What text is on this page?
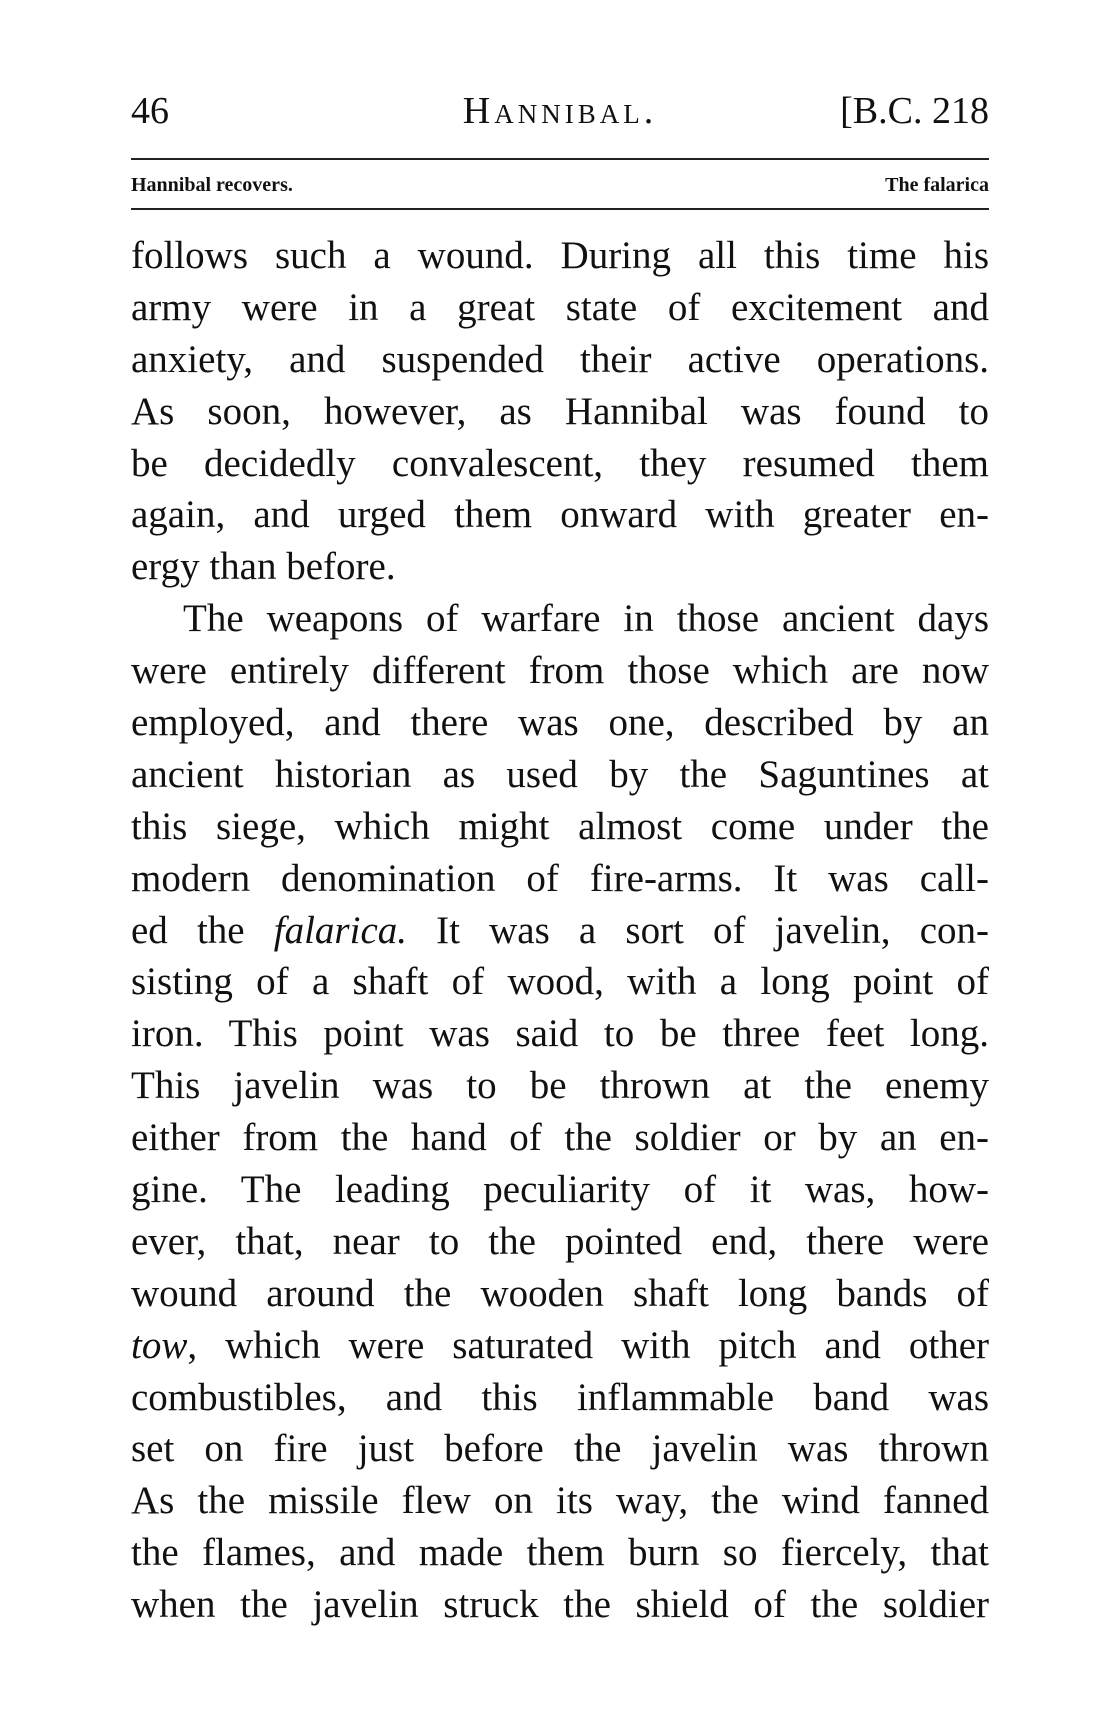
46	Hannibal.	[B.C. 218
Hannibal recovers.	The falarica
follows such a wound. During all this time his
army were in a great state of excitement and
anxiety, and suspended their active operations.
As soon, however, as Hannibal was found to
be decidedly convalescent, they resumed them
again, and urged them onward with greater en-
ergy than before.
The weapons of warfare in those ancient days
were entirely different from those which are now
employed, and there was one, described by an
ancient historian as used by the Saguntines at
this siege, which might almost come under the
modern denomination of fire-arms. It was call-
ed the falarica. It was a sort of javelin, con-
sisting of a shaft of wood, with a long point of
iron. This point was said to be three feet long.
This javelin was to be thrown at the enemy
either from the hand of the soldier or by an en-
gine. The leading peculiarity of it was, how-
ever, that, near to the pointed end, there were
wound around the wooden shaft long bands of
tow, which were saturated with pitch and other
combustibles, and this inflammable band was
set on fire just before the javelin was thrown
As the missile flew on its way, the wind fanned
the flames, and made them burn so fiercely, that
when the javelin struck the shield of the soldier
